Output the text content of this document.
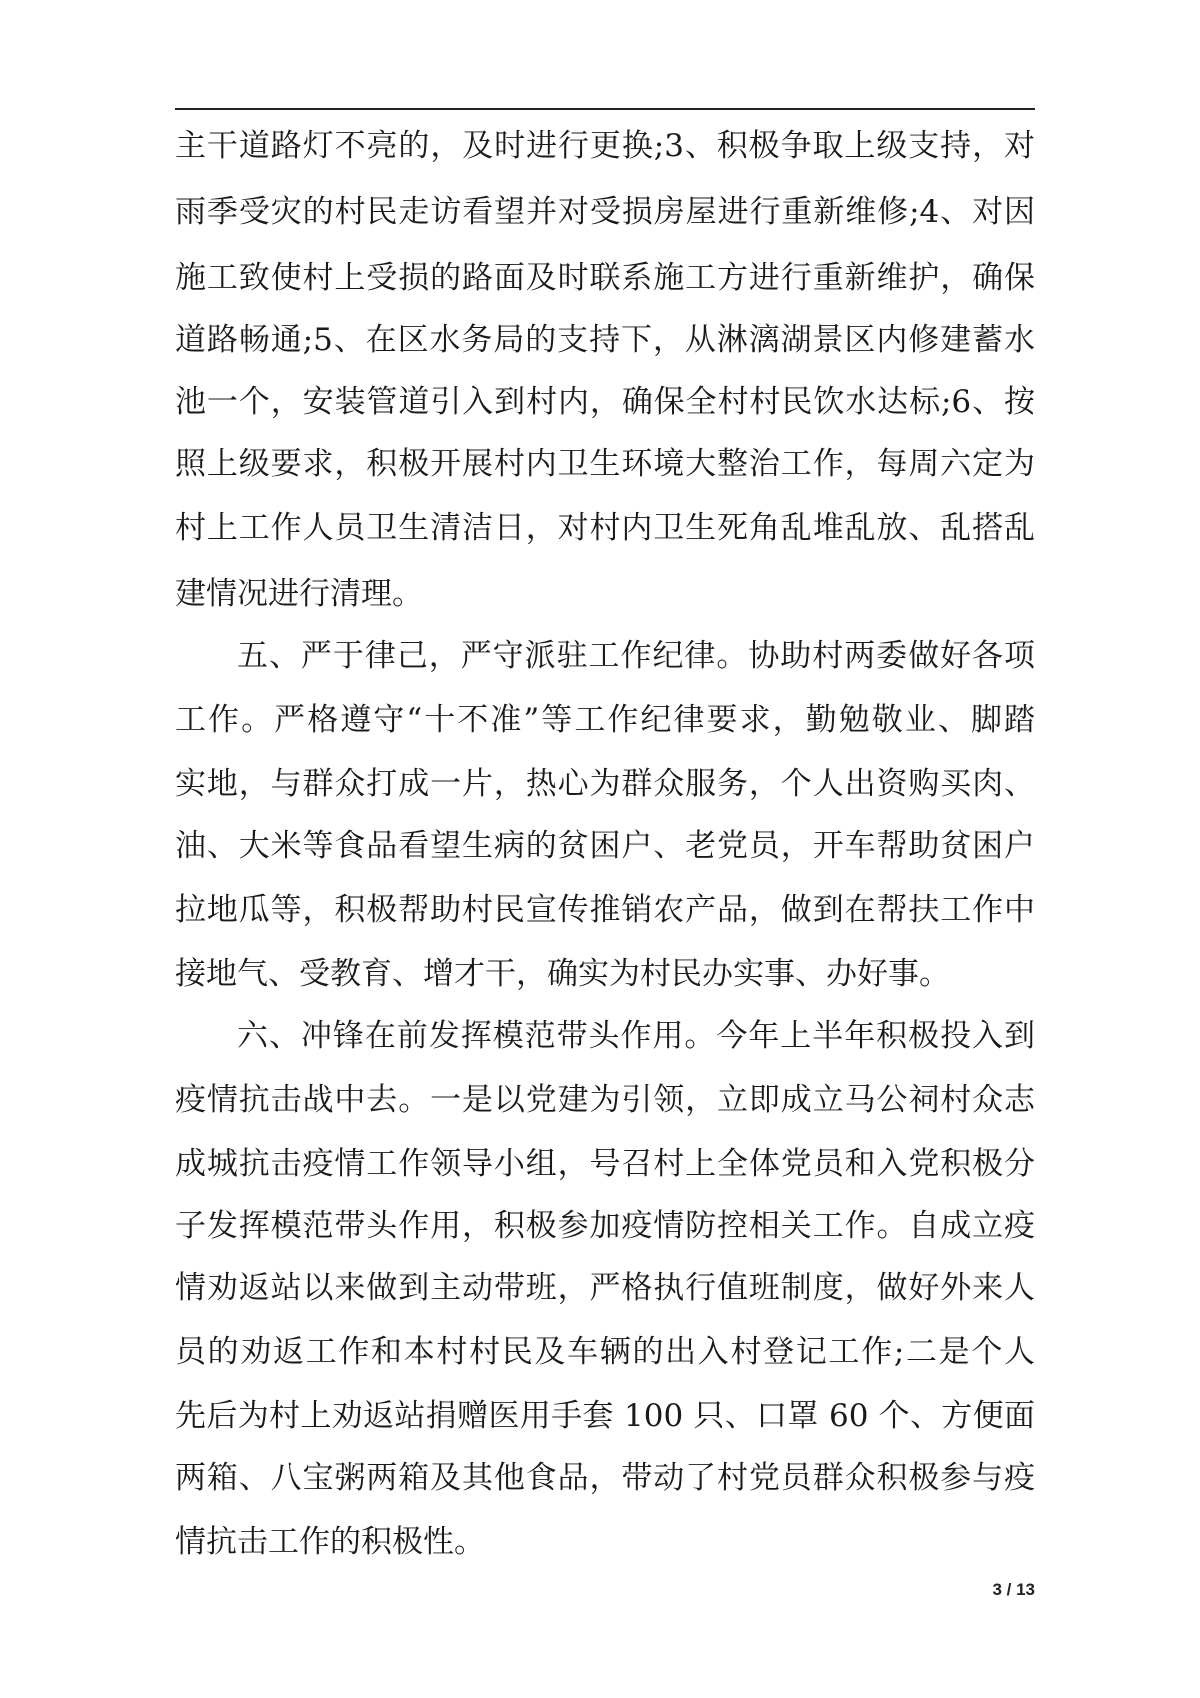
主干道路灯不亮的，及时进行更换;3、积极争取上级支持，对
雨季受灾的村民走访看望并对受损房屋进行重新维修;4、对因
施工致使村上受损的路面及时联系施工方进行重新维护，确保
道路畅通;5、在区水务局的支持下，从淋漓湖景区内修建蓄水
池一个，安装管道引入到村内，确保全村村民饮水达标;6、按
照上级要求，积极开展村内卫生环境大整治工作，每周六定为
村上工作人员卫生清洁日，对村内卫生死角乱堆乱放、乱搭乱
建情况进行清理。
五、严于律己，严守派驻工作纪律。协助村两委做好各项
工作。严格遵守“十不准”等工作纪律要求，勤勉敬业、脚踏
实地，与群众打成一片，热心为群众服务，个人出资购买肉、
油、大米等食品看望生病的贫困户、老党员，开车帮助贫困户
拉地瓜等，积极帮助村民宣传推销农产品，做到在帮扶工作中
接地气、受教育、增才干，确实为村民办实事、办好事。
六、冲锋在前发挥模范带头作用。今年上半年积极投入到
疫情抗击战中去。一是以党建为引领，立即成立马公祠村众志
成城抗击疫情工作领导小组，号召村上全体党员和入党积极分
子发挥模范带头作用，积极参加疫情防控相关工作。自成立疫
情劝返站以来做到主动带班，严格执行值班制度，做好外来人
员的劝返工作和本村村民及车辆的出入村登记工作;二是个人
先后为村上劝返站捐赠医用手套 100 只、口罩 60 个、方便面
两箱、八宝粥两箱及其他食品，带动了村党员群众积极参与疫
情抗击工作的积极性。
3 / 13
